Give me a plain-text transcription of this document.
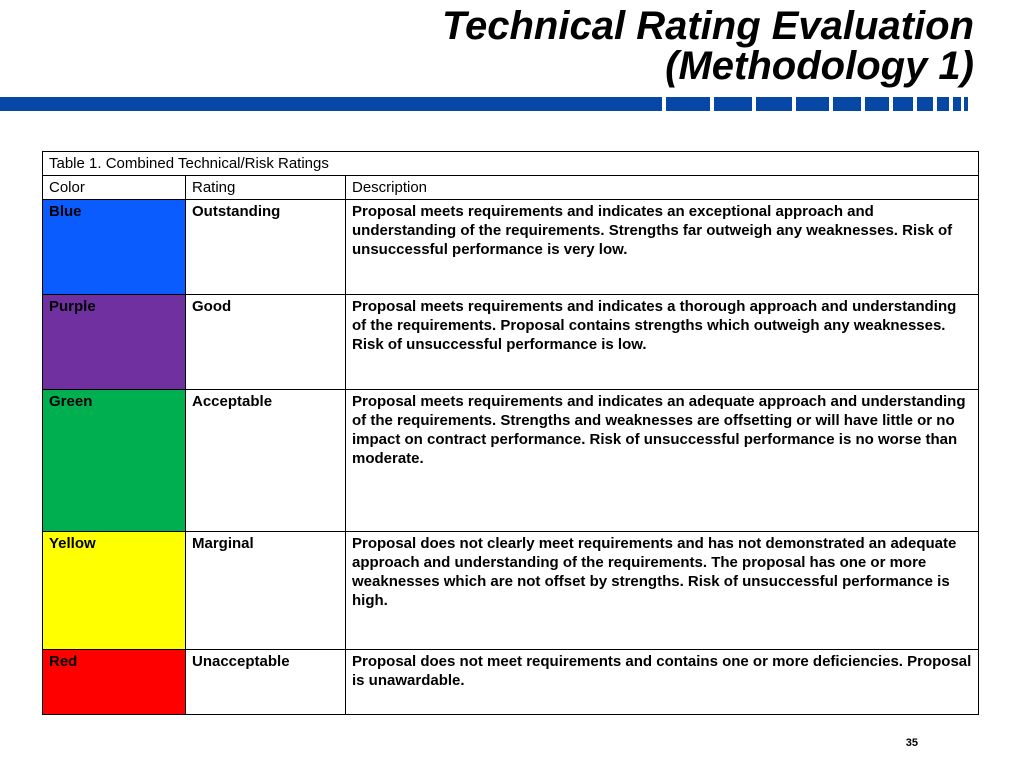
Technical Rating Evaluation
(Methodology 1)
Table 1. Combined Technical/Risk Ratings		
Color	Rating	Description
Blue	Outstanding	Proposal meets requirements and indicates an exceptional approach and understanding of the requirements. Strengths far outweigh any weaknesses. Risk of unsuccessful performance is very low.
Purple	Good	Proposal meets requirements and indicates a thorough approach and understanding of the requirements. Proposal contains strengths which outweigh any weaknesses. Risk of unsuccessful performance is low.
Green	Acceptable	Proposal meets requirements and indicates an adequate approach and understanding of the requirements. Strengths and weaknesses are offsetting or will have little or no impact on contract performance. Risk of unsuccessful performance is no worse than moderate.
Yellow	Marginal	Proposal does not clearly meet requirements and has not demonstrated an adequate approach and understanding of the requirements. The proposal has one or more weaknesses which are not offset by strengths. Risk of unsuccessful performance is high.
Red	Unacceptable	Proposal does not meet requirements and contains one or more deficiencies. Proposal is unawardable.
35
